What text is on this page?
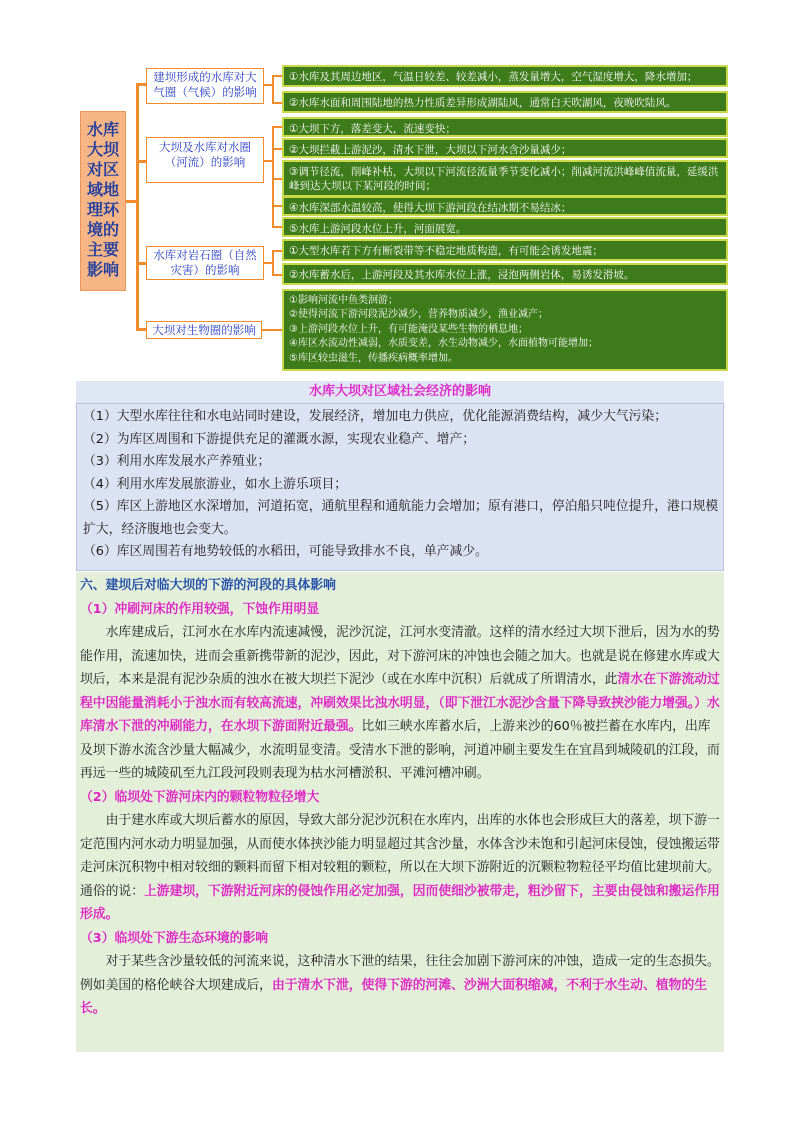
水库大坝对区域地理环境的主要影响
建坝形成的水库对大气圈（气候）的影响
①水库及其周边地区，气温日较差、较差减小，蒸发量增大，空气湿度增大，降水增加；
②水库水面和周围陆地的热力性质差异形成湖陆风，通常白天吹湖风，夜晚吹陆风。
大坝及水库对水圈（河流）的影响
①大坝下方，落差变大，流速变快；
②大坝拦截上游泥沙，清水下泄，大坝以下河水含沙量减少；
③调节径流，削峰补枯，大坝以下河流径流量季节变化减小；削减河流洪峰峰值流量，延缓洪峰到达大坝以下某河段的时间；
④水库深部水温较高，使得大坝下游河段在结冰期不易结冰；
⑤水库上游河段水位上升，河面展宽。
水库对岩石圈（自然灾害）的影响
①大型水库若下方有断裂带等不稳定地质构造，有可能会诱发地震；
②水库蓄水后，上游河段及其水库水位上涨，浸泡两侧岩体，易诱发滑坡。
大坝对生物圈的影响
①影响河流中鱼类洄游；
②使得河流下游河段泥沙减少，营养物质减少，渔业减产；
③上游河段水位上升，有可能淹没某些生物的栖息地；
④库区水流动性减弱，水质变差，水生动物减少，水面植物可能增加；
⑤库区较虫滋生，传播疾病概率增加。
水库大坝对区域社会经济的影响

（1）大型水库往往和水电站同时建设，发展经济，增加电力供应，优化能源消费结构，减少大气污染；

（2）为库区周围和下游提供充足的灌溉水源，实现农业稳产、增产；

（3）利用水库发展水产养殖业；

（4）利用水库发展旅游业，如水上游乐项目；

（5）库区上游地区水深增加，河道拓宽，通航里程和通航能力会增加；原有港口，停泊船只吨位提升，港口规模扩大，经济腹地也会变大。

（6）库区周围若有地势较低的水稻田，可能导致排水不良，单产减少。

六、建坝后对临大坝的下游的河段的具体影响

（1）冲刷河床的作用较强，下蚀作用明显

水库建成后，江河水在水库内流速减慢，泥沙沉淀，江河水变清澈。这样的清水经过大坝下泄后，因为水的势能作用，流速加快，进而会重新携带新的泥沙，因此，对下游河床的冲蚀也会随之加大。也就是说在修建水库或大坝后，本来是混有泥沙杂质的浊水在被大坝拦下泥沙（或在水库中沉积）后就成了所谓清水，此清水在下游流动过程中因能量消耗小于浊水而有较高流速，冲刷效果比浊水明显，（即下泄江水泥沙含量下降导致挟沙能力增强。）水库清水下泄的冲刷能力，在水坝下游面附近最强。比如三峡水库蓄水后，上游来沙的60％被拦蓄在水库内，出库及坝下游水流含沙量大幅减少，水流明显变清。受清水下泄的影响，河道冲刷主要发生在宜昌到城陵矶的江段，而再远一些的城陵矶至九江段河段则表现为枯水河槽淤积、平滩河槽冲刷。

（2）临坝处下游河床内的颗粒物粒径增大

由于建水库或大坝后蓄水的原因，导致大部分泥沙沉积在水库内，出库的水体也会形成巨大的落差，坝下游一定范围内河水动力明显加强，从而使水体挟沙能力明显超过其含沙量，水体含沙未饱和引起河床侵蚀，侵蚀搬运带走河床沉积物中相对较细的颗料而留下相对较粗的颗粒，所以在大坝下游附近的沉颗粒物粒径平均值比建坝前大。通俗的说：上游建坝，下游附近河床的侵蚀作用必定加强，因而使细沙被带走，粗沙留下，主要由侵蚀和搬运作用形成。

（3）临坝处下游生态环境的影响

对于某些含沙量较低的河流来说，这种清水下泄的结果，往往会加剧下游河床的冲蚀，造成一定的生态损失。例如美国的格伦峡谷大坝建成后，由于清水下泄，使得下游的河滩、沙洲大面积缩减，不利于水生动、植物的生长。
